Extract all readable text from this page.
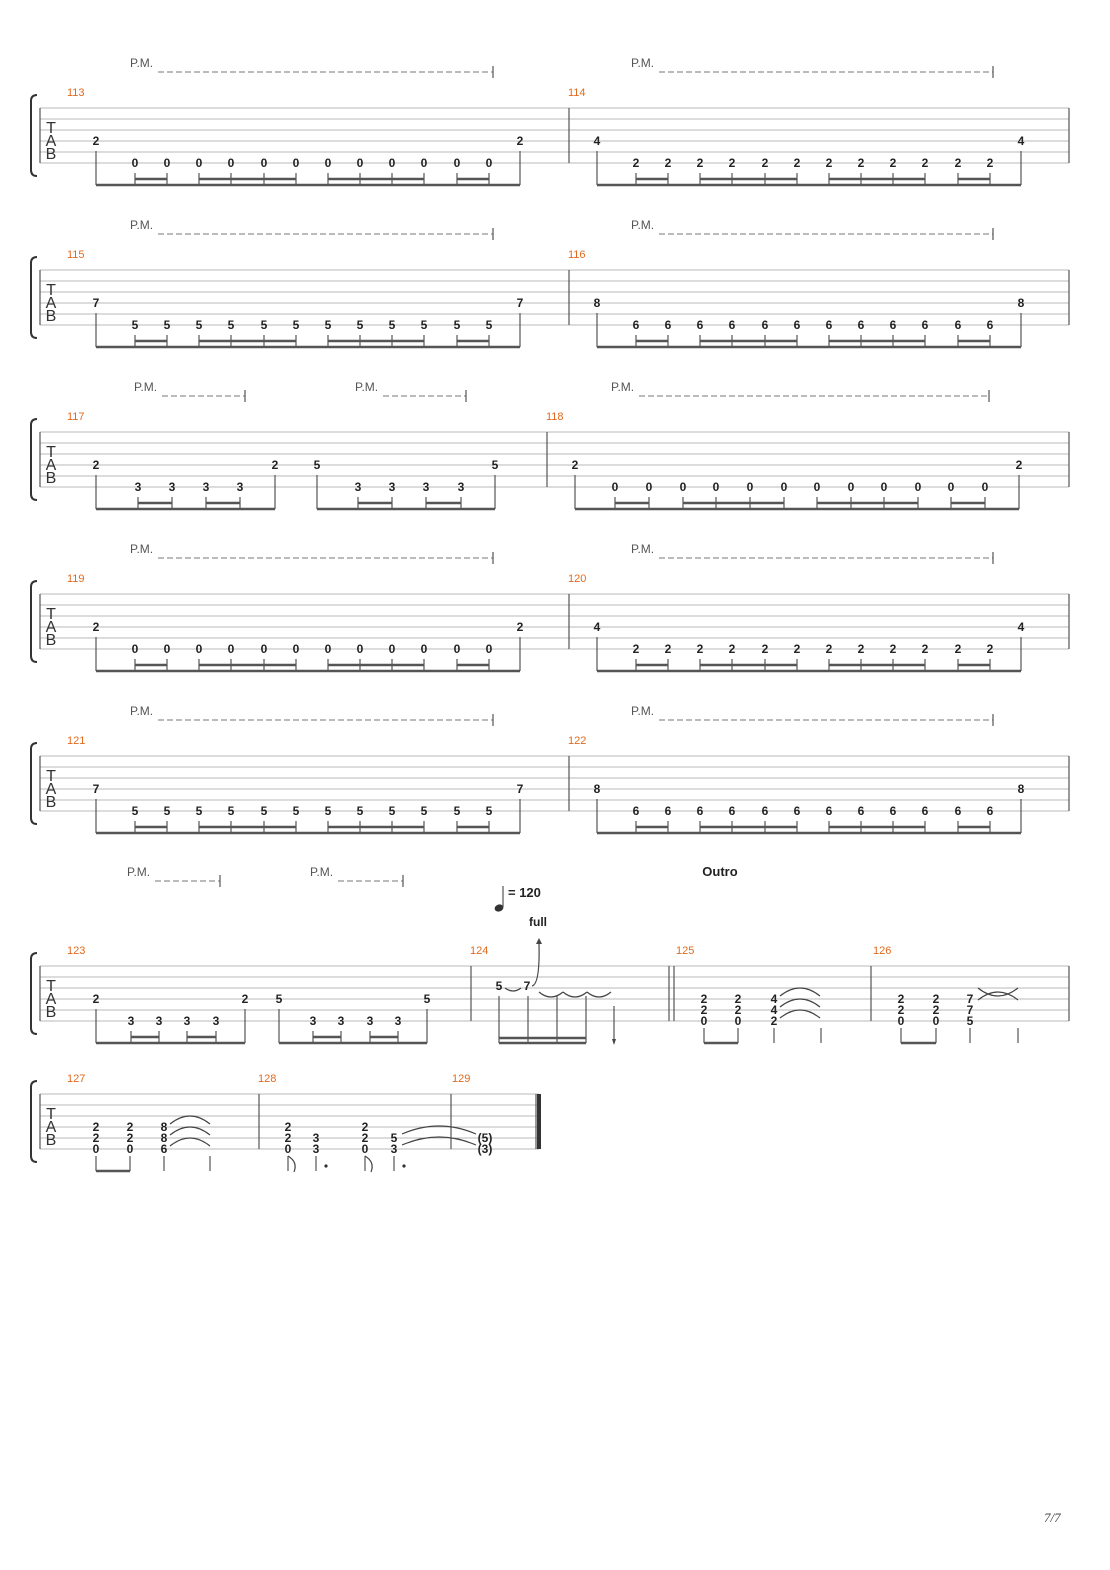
T
A
B
113	114
P.M.	P.M.
2
0 0 0 0 0 0 0 0 0 0 0 0
2	4
2 2 2 2 2 2 2 2 2 2 2 2
4
T
A
B
115	116
P.M.	P.M.
7
5 5 5 5 5 5 5 5 5 5 5 5
7	8
6 6 6 6 6 6 6 6 6 6 6 6
8
T
A
B
117	118
P.M.	P.M.	P.M.
2
3 3 3 3
2	5
3 3 3 3
5	2
0 0 0 0 0 0 0 0 0 0 0 0
2
T
A
B
119	120
P.M.	P.M.
2
0 0 0 0 0 0 0 0 0 0 0 0
2	4
2 2 2 2 2 2 2 2 2 2 2 2
4
T
A
B
121	122
P.M.	P.M.
7
5 5 5 5 5 5 5 5 5 5 5 5
7	8
6 6 6 6 6 6 6 6 6 6 6 6
8
T
A
B
123	124	125	126
P.M.	P.M.	Outro
= 120
full
2
3 3 3 3
2 5
3 3 3 3
5
5 7
2
2
0
2
2
0
4
4
2
2
2
0
2
2
0
7
7
5
T
A
B
127	128	129
2
2
0
2
2
0
8
8
6
2
2
0
3
3
2
2
0
5
3
(5)
(3)
7/7
